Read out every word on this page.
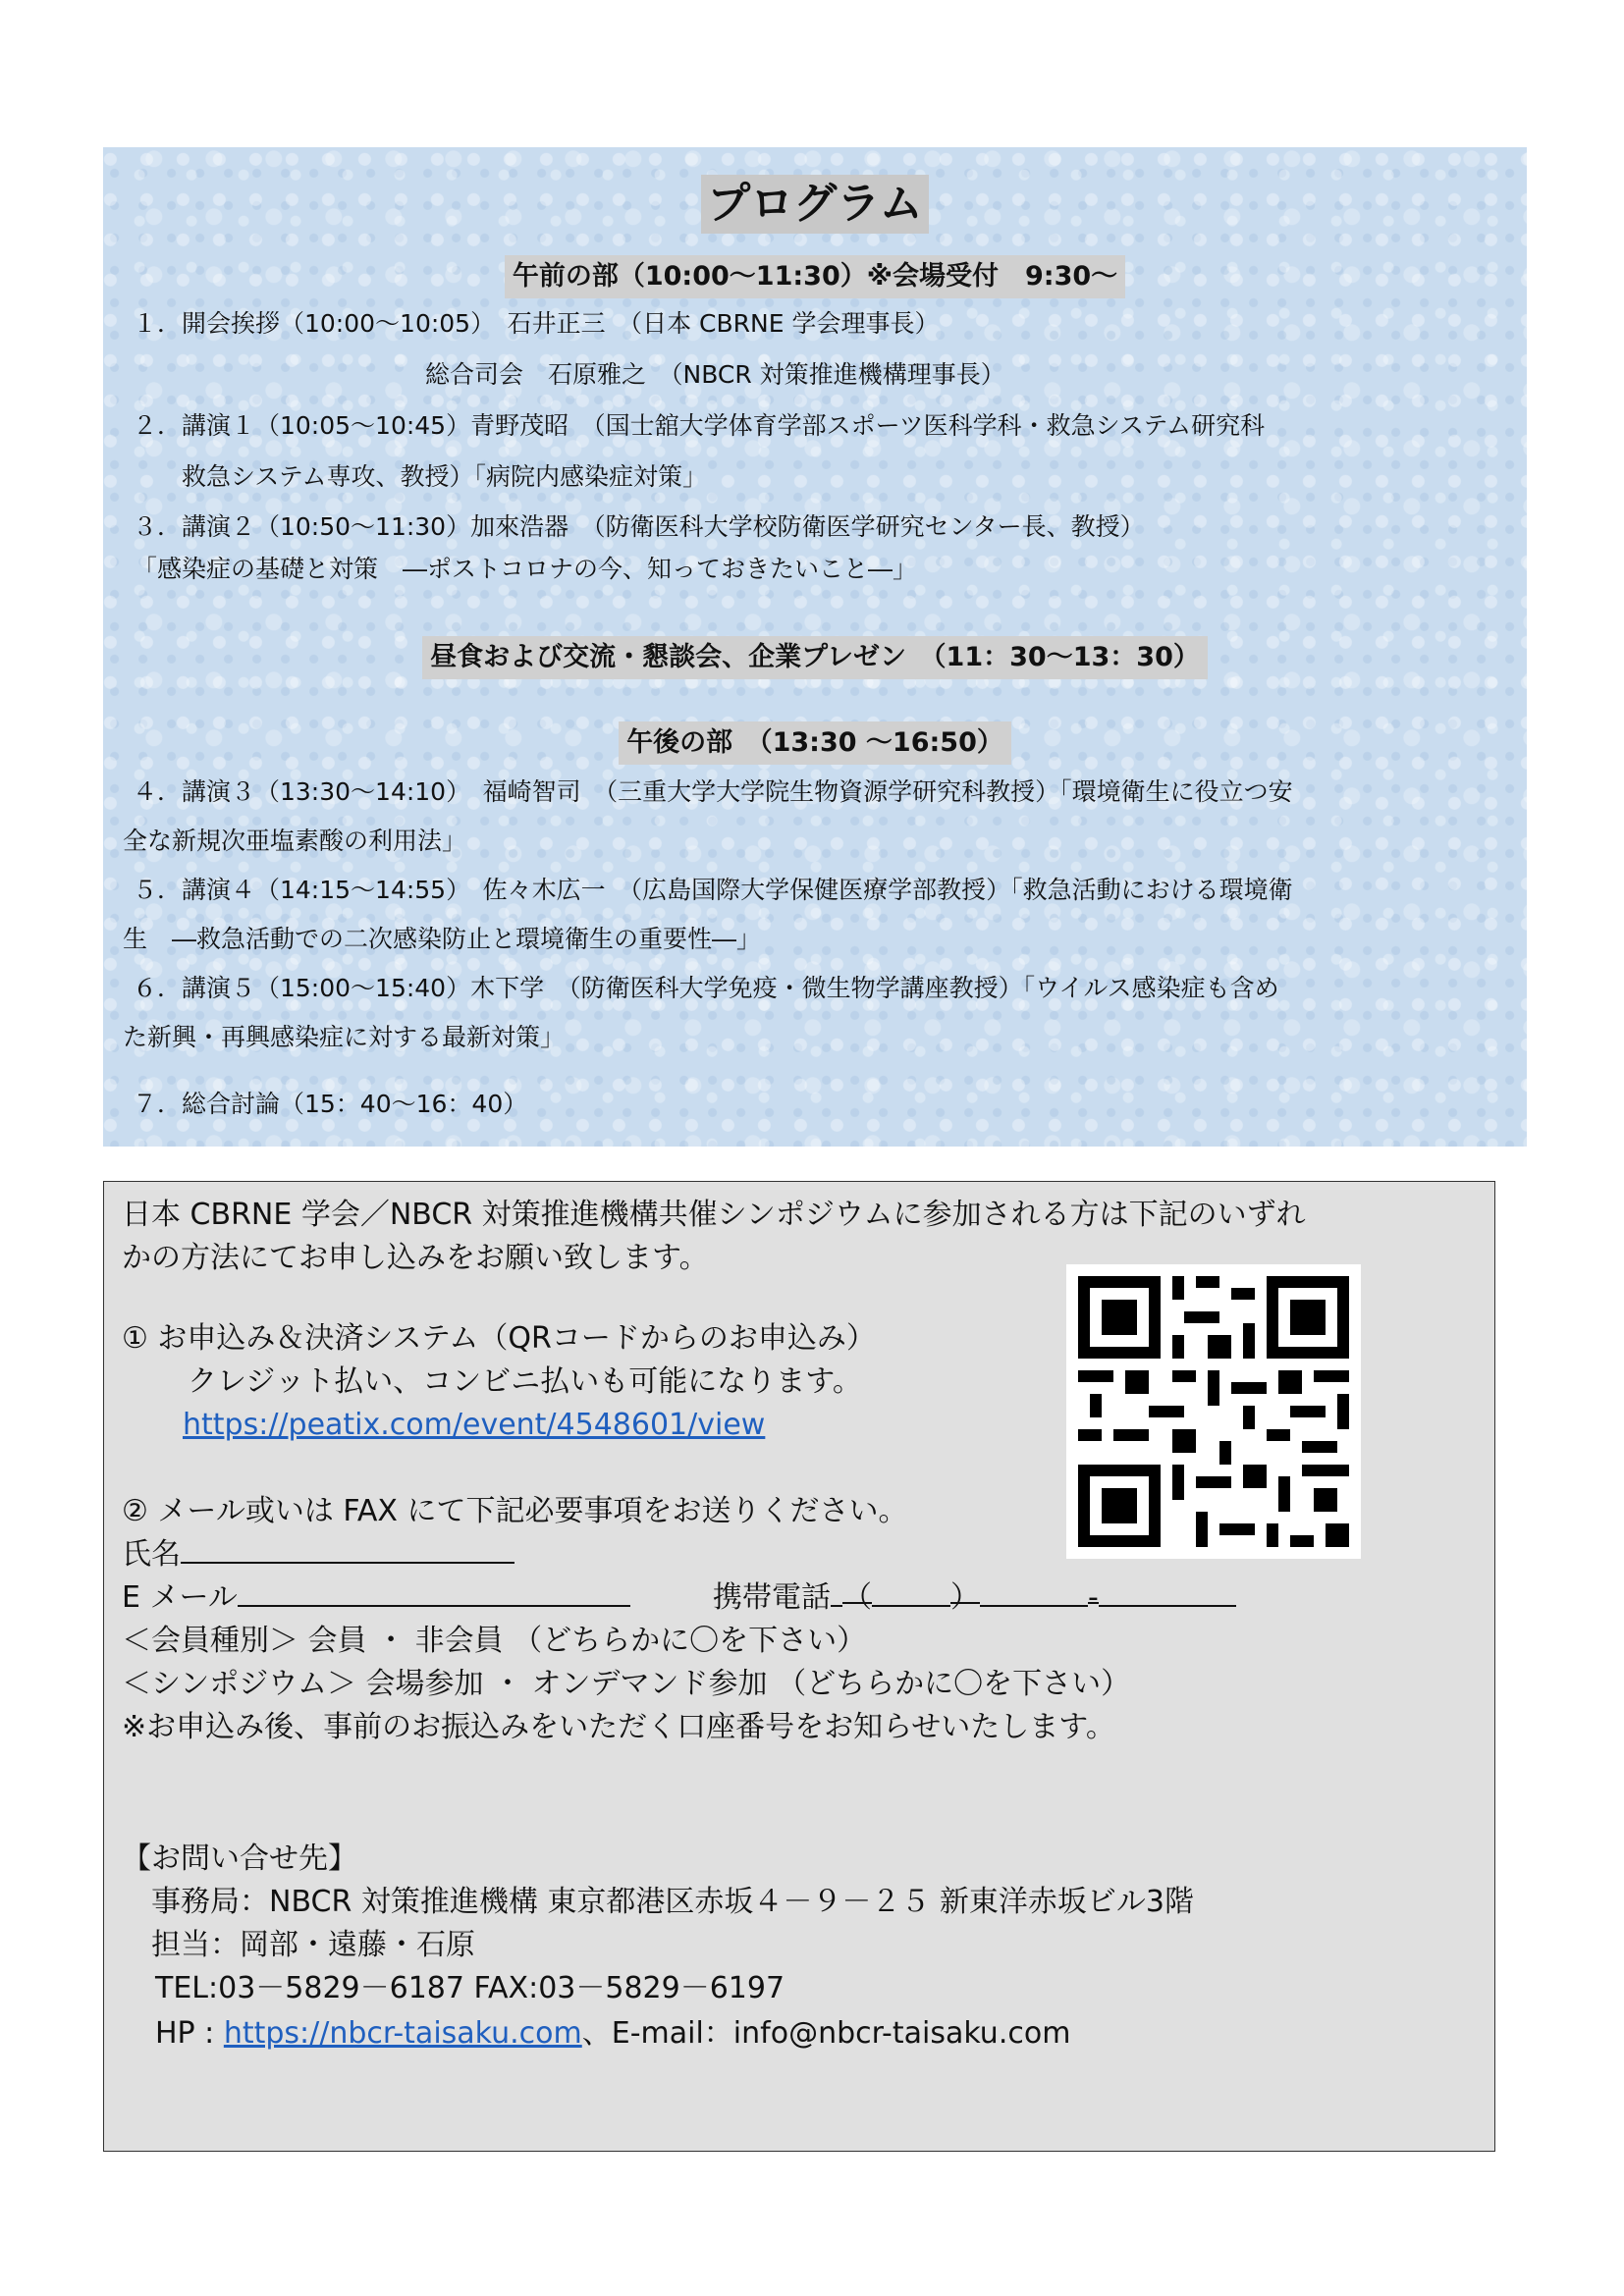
プログラム
午前の部（10:00～11:30）※会場受付　9:30～
１．開会挨拶（10:00～10:05）　石井正三　（日本 CBRNE 学会理事長）
総合司会　石原雅之　（NBCR 対策推進機構理事長）
２．講演１（10:05～10:45）青野茂昭　（国士舘大学体育学部スポーツ医科学科・救急システム研究科
救急システム専攻、教授）「病院内感染症対策」
３．講演２（10:50～11:30）加來浩器　（防衛医科大学校防衛医学研究センター長、教授）
「感染症の基礎と対策　―ポストコロナの今、知っておきたいこと―」
昼食および交流・懇談会、企業プレゼン　（11：30～13：30）
午後の部　（13:30 ～16:50）
４．講演３（13:30～14:10）　福崎智司　（三重大学大学院生物資源学研究科教授）「環境衛生に役立つ安
全な新規次亜塩素酸の利用法」
５．講演４（14:15～14:55）　佐々木広一　（広島国際大学保健医療学部教授）「救急活動における環境衛
生　―救急活動での二次感染防止と環境衛生の重要性―」
６．講演５（15:00～15:40）木下学　（防衛医科大学免疫・微生物学講座教授）「ウイルス感染症も含め
た新興・再興感染症に対する最新対策」
７．総合討論（15：40～16：40）
日本 CBRNE 学会／NBCR 対策推進機構共催シンポジウムに参加される方は下記のいずれ
かの方法にてお申し込みをお願い致します。
① お申込み＆決済システム（QRコードからのお申込み）
クレジット払い、コンビニ払いも可能になります。
https://peatix.com/event/4548601/view
② メール或いは FAX にて下記必要事項をお送りください。
氏名
E メール	携帯電話 （	）	-
＜会員種別＞ 会員 ・ 非会員 （どちらかに〇を下さい）
＜シンポジウム＞ 会場参加 ・ オンデマンド参加 （どちらかに〇を下さい）
※お申込み後、事前のお振込みをいただく口座番号をお知らせいたします。
【お問い合せ先】
事務局：NBCR 対策推進機構 東京都港区赤坂４－９－２５ 新東洋赤坂ビル3階
担当：岡部・遠藤・石原
TEL:03－5829－6187 FAX:03－5829－6197
HP : https://nbcr-taisaku.com、E-mail：info@nbcr-taisaku.com
